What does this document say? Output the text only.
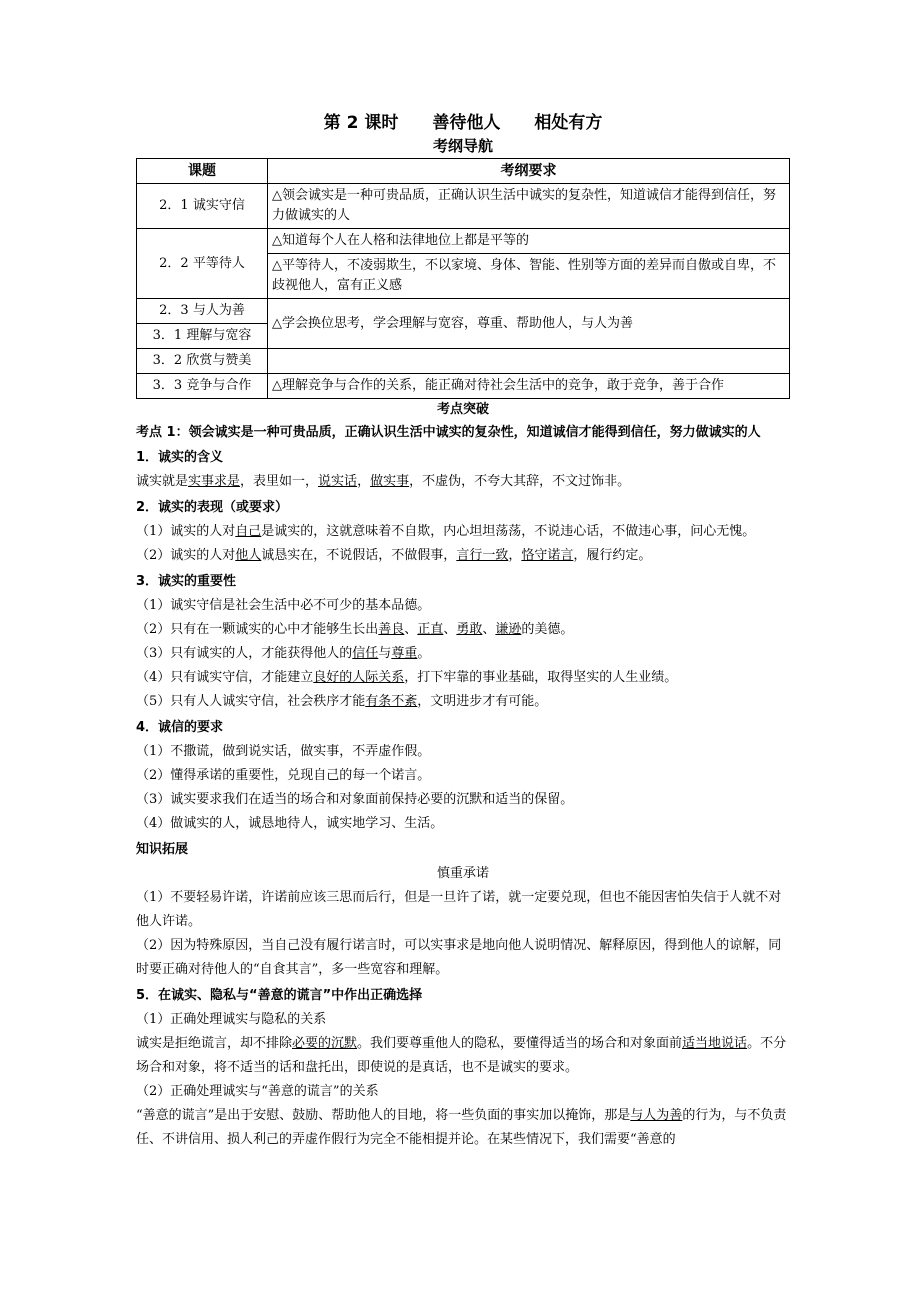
第 2 课时　　善待他人　　相处有方
考纲导航
课题	考纲要求
2．1 诚实守信	△领会诚实是一种可贵品质，正确认识生活中诚实的复杂性，知道诚信才能得到信任，努力做诚实的人
2．2 平等待人	△知道每个人在人格和法律地位上都是平等的
	△平等待人，不凌弱欺生，不以家境、身体、智能、性别等方面的差异而自傲或自卑，不歧视他人，富有正义感
2．3 与人为善	△学会换位思考，学会理解与宽容，尊重、帮助他人，与人为善
3．1 理解与宽容	
3．2 欣赏与赞美	
3．3 竞争与合作	△理解竞争与合作的关系，能正确对待社会生活中的竞争，敢于竞争，善于合作
考点突破
考点 1：领会诚实是一种可贵品质，正确认识生活中诚实的复杂性，知道诚信才能得到信任，努力做诚实的人
1．诚实的含义
诚实就是实事求是，表里如一，说实话，做实事，不虚伪，不夸大其辞，不文过饰非。
2．诚实的表现（或要求）
（1）诚实的人对自己是诚实的，这就意味着不自欺，内心坦坦荡荡，不说违心话，不做违心事，问心无愧。
（2）诚实的人对他人诚恳实在，不说假话，不做假事，言行一致，恪守诺言，履行约定。
3．诚实的重要性
（1）诚实守信是社会生活中必不可少的基本品德。
（2）只有在一颗诚实的心中才能够生长出善良、正直、勇敢、谦逊的美德。
（3）只有诚实的人，才能获得他人的信任与尊重。
（4）只有诚实守信，才能建立良好的人际关系，打下牢靠的事业基础，取得坚实的人生业绩。
（5）只有人人诚实守信，社会秩序才能有条不紊，文明进步才有可能。
4．诚信的要求
（1）不撒谎，做到说实话，做实事，不弄虚作假。
（2）懂得承诺的重要性，兑现自己的每一个诺言。
（3）诚实要求我们在适当的场合和对象面前保持必要的沉默和适当的保留。
（4）做诚实的人，诚恳地待人，诚实地学习、生活。
知识拓展
慎重承诺
（1）不要轻易许诺，许诺前应该三思而后行，但是一旦许了诺，就一定要兑现，但也不能因害怕失信于人就不对他人许诺。
（2）因为特殊原因，当自己没有履行诺言时，可以实事求是地向他人说明情况、解释原因，得到他人的谅解，同时要正确对待他人的“自食其言”，多一些宽容和理解。
5．在诚实、隐私与“善意的谎言”中作出正确选择
（1）正确处理诚实与隐私的关系
诚实是拒绝谎言，却不排除必要的沉默。我们要尊重他人的隐私，要懂得适当的场合和对象面前适当地说话。不分场合和对象，将不适当的话和盘托出，即使说的是真话，也不是诚实的要求。
（2）正确处理诚实与“善意的谎言”的关系
“善意的谎言”是出于安慰、鼓励、帮助他人的目地，将一些负面的事实加以掩饰，那是与人为善的行为，与不负责任、不讲信用、损人利己的弄虚作假行为完全不能相提并论。在某些情况下，我们需要“善意的
